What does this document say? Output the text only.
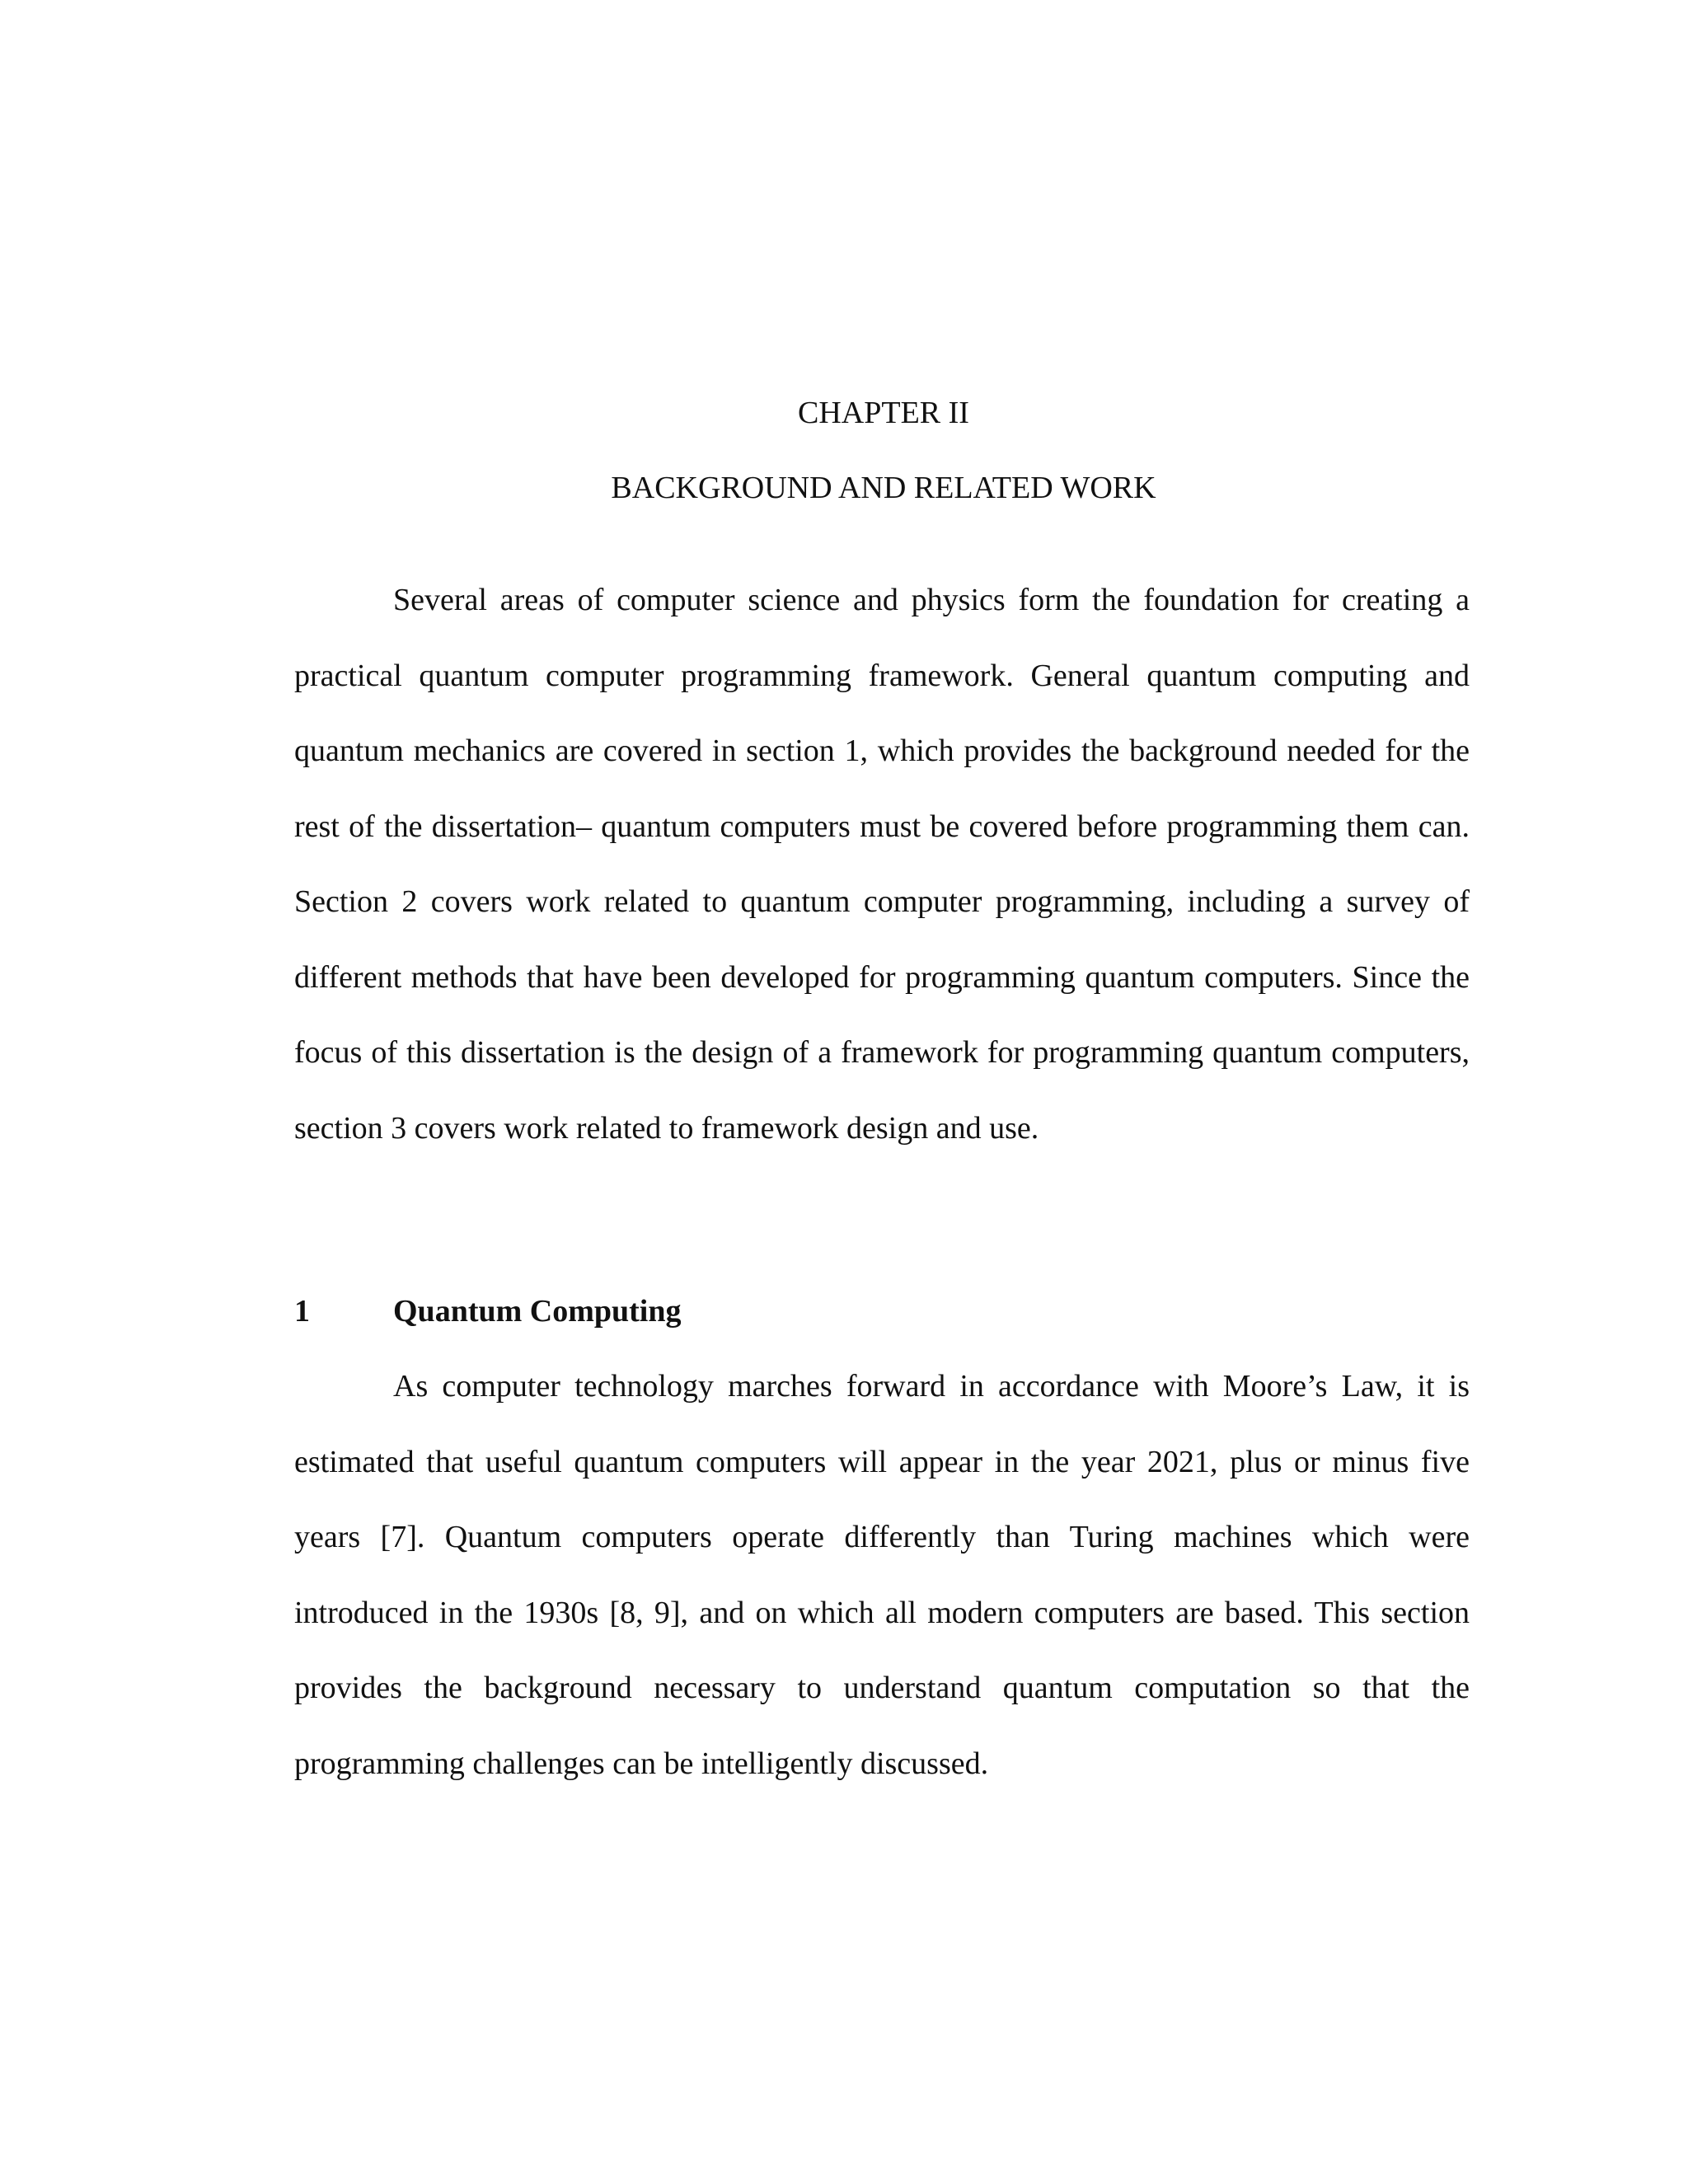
CHAPTER II
BACKGROUND AND RELATED WORK

Several areas of computer science and physics form the foundation for creating a practical quantum computer programming framework. General quantum computing and quantum mechanics are covered in section 1, which provides the background needed for the rest of the dissertation– quantum computers must be covered before programming them can. Section 2 covers work related to quantum computer programming, including a survey of different methods that have been developed for programming quantum computers. Since the focus of this dissertation is the design of a framework for programming quantum computers, section 3 covers work related to framework design and use.

1	Quantum Computing

As computer technology marches forward in accordance with Moore’s Law, it is estimated that useful quantum computers will appear in the year 2021, plus or minus five years [7]. Quantum computers operate differently than Turing machines which were introduced in the 1930s [8, 9], and on which all modern computers are based. This section provides the background necessary to understand quantum computation so that the programming challenges can be intelligently discussed.
